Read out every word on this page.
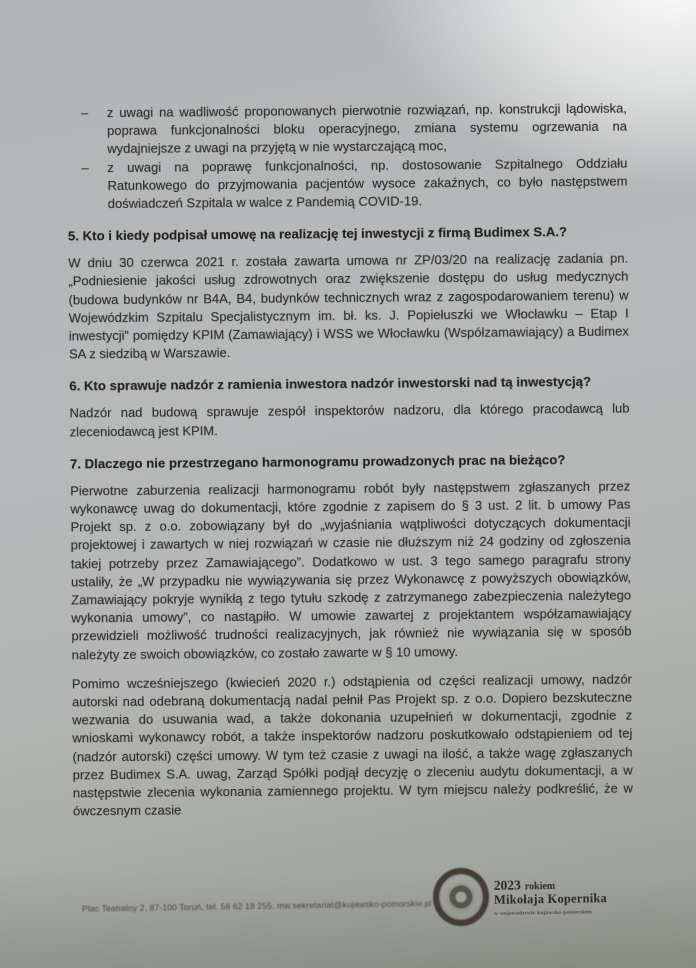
–	z uwagi na wadliwość proponowanych pierwotnie rozwiązań, np. konstrukcji lądowiska, poprawa funkcjonalności bloku operacyjnego, zmiana systemu ogrzewania na wydajniejsze z uwagi na przyjętą w nie wystarczającą moc,
–	z uwagi na poprawę funkcjonalności, np. dostosowanie Szpitalnego Oddziału Ratunkowego do przyjmowania pacjentów wysoce zakaźnych, co było następstwem doświadczeń Szpitala w walce z Pandemią COVID-19.
5. Kto i kiedy podpisał umowę na realizację tej inwestycji z firmą Budimex S.A.?

W dniu 30 czerwca 2021 r. została zawarta umowa nr ZP/03/20 na realizację zadania pn. „Podniesienie jakości usług zdrowotnych oraz zwiększenie dostępu do usług medycznych (budowa budynków nr B4A, B4, budynków technicznych wraz z zagospodarowaniem terenu) w Wojewódzkim Szpitalu Specjalistycznym im. bł. ks. J. Popiełuszki we Włocławku – Etap I inwestycji” pomiędzy KPIM (Zamawiający) i WSS we Włocławku (Współzamawiający) a Budimex SA z siedzibą w Warszawie.

6. Kto sprawuje nadzór z ramienia inwestora nadzór inwestorski nad tą inwestycją?

Nadzór nad budową sprawuje zespół inspektorów nadzoru, dla którego pracodawcą lub zleceniodawcą jest KPIM.

7. Dlaczego nie przestrzegano harmonogramu prowadzonych prac na bieżąco?

Pierwotne zaburzenia realizacji harmonogramu robót były następstwem zgłaszanych przez wykonawcę uwag do dokumentacji, które zgodnie z zapisem do § 3 ust. 2 lit. b umowy Pas Projekt sp. z o.o. zobowiązany był do „wyjaśniania wątpliwości dotyczących dokumentacji projektowej i zawartych w niej rozwiązań w czasie nie dłuższym niż 24 godziny od zgłoszenia takiej potrzeby przez Zamawiającego”. Dodatkowo w ust. 3 tego samego paragrafu strony ustaliły, że „W przypadku nie wywiązywania się przez Wykonawcę z powyższych obowiązków, Zamawiający pokryje wynikłą z tego tytułu szkodę z zatrzymanego zabezpieczenia należytego wykonania umowy”, co nastąpiło. W umowie zawartej z projektantem współzamawiający przewidzieli możliwość trudności realizacyjnych, jak również nie wywiązania się w sposób należyty ze swoich obowiązków, co zostało zawarte w § 10 umowy.

Pomimo wcześniejszego (kwiecień 2020 r.) odstąpienia od części realizacji umowy, nadzór autorski nad odebraną dokumentacją nadal pełnił Pas Projekt sp. z o.o. Dopiero bezskuteczne wezwania do usuwania wad, a także dokonania uzupełnień w dokumentacji, zgodnie z wnioskami wykonawcy robót, a także inspektorów nadzoru poskutkowało odstąpieniem od tej (nadzór autorski) części umowy. W tym też czasie z uwagi na ilość, a także wagę zgłaszanych przez Budimex S.A. uwag, Zarząd Spółki podjął decyzję o zleceniu audytu dokumentacji, a w następstwie zlecenia wykonania zamiennego projektu. W tym miejscu należy podkreślić, że w ówczesnym czasie

Plac Teatralny 2, 87-100 Toruń, tel. 56 62 18 255, mw.sekretariat@kujawsko-pomorskie.pl
2023 rokiem
Mikołaja Kopernika
w województwie kujawsko-pomorskim
